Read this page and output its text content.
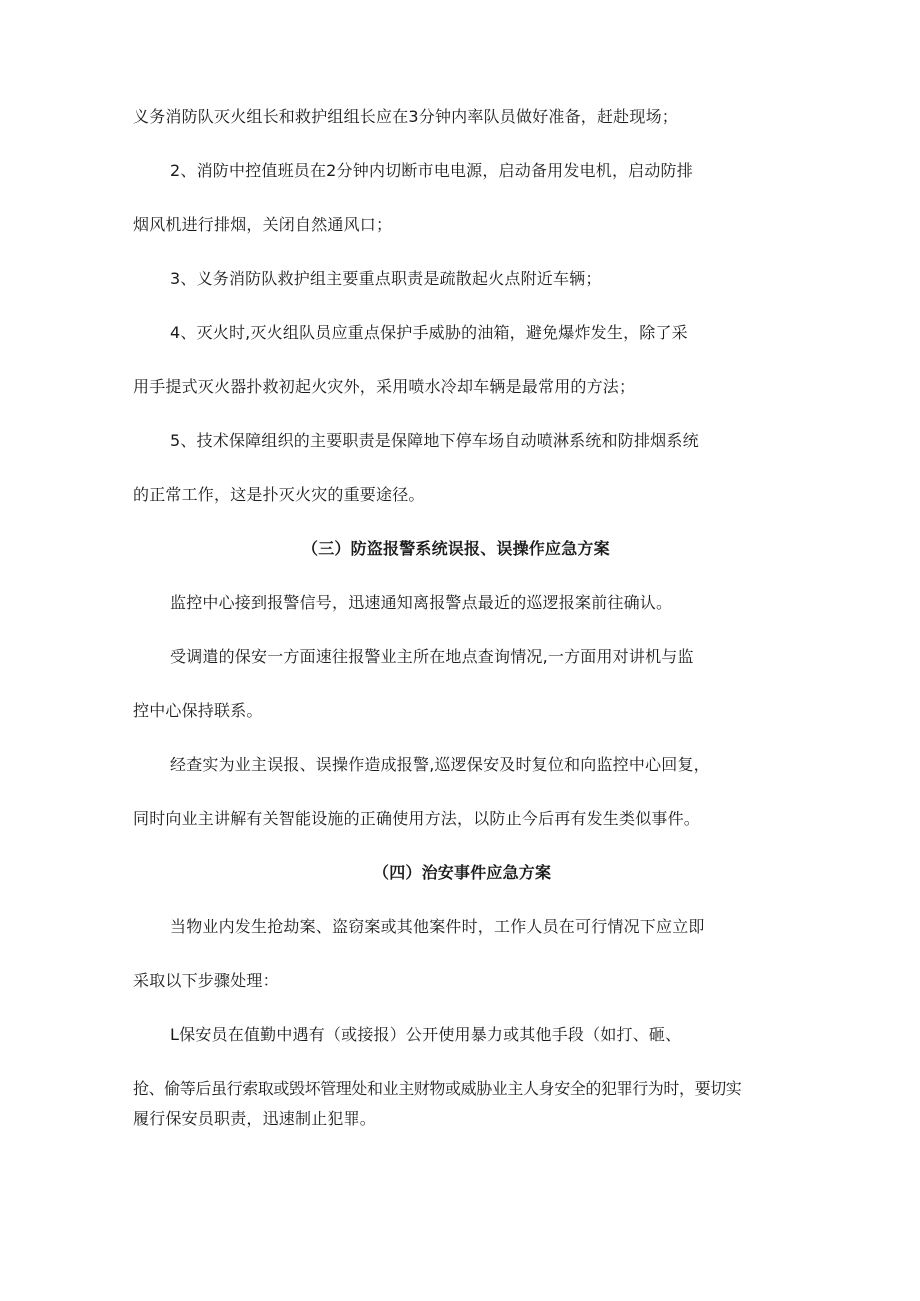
义务消防队灭火组长和救护组组长应在3分钟内率队员做好准备，赶赴现场；
2、消防中控值班员在2分钟内切断市电电源，启动备用发电机，启动防排
烟风机进行排烟，关闭自然通风口；
3、义务消防队救护组主要重点职责是疏散起火点附近车辆；
4、灭火时,灭火组队员应重点保护手威胁的油箱，避免爆炸发生，除了采
用手提式灭火器扑救初起火灾外，采用喷水冷却车辆是最常用的方法；
5、技术保障组织的主要职责是保障地下停车场自动喷淋系统和防排烟系统
的正常工作，这是扑灭火灾的重要途径。
（三）防盗报警系统误报、误操作应急方案
监控中心接到报警信号，迅速通知离报警点最近的巡逻报案前往确认。
受调遣的保安一方面速往报警业主所在地点查询情况,一方面用对讲机与监
控中心保持联系。
经查实为业主误报、误操作造成报警,巡逻保安及时复位和向监控中心回复，
同时向业主讲解有关智能设施的正确使用方法，以防止今后再有发生类似事件。
（四）治安事件应急方案
当物业内发生抢劫案、盗窃案或其他案件时，工作人员在可行情况下应立即
采取以下步骤处理：
L保安员在值勤中遇有（或接报）公开使用暴力或其他手段（如打、砸、
抢、偷等后虽行索取或毁坏管理处和业主财物或威胁业主人身安全的犯罪行为时，要切实
履行保安员职责，迅速制止犯罪。
